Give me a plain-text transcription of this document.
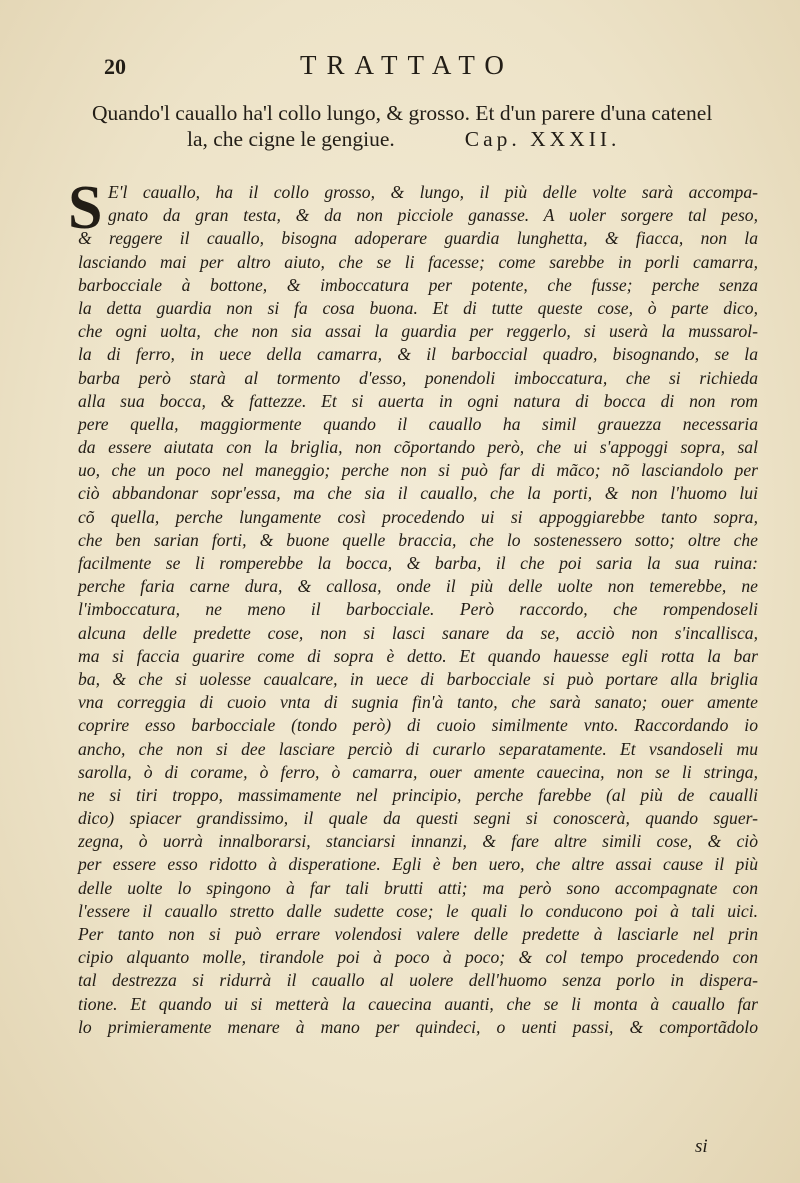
20	TRATTATO
Quando'l cauallo ha'l collo lungo, & grosso. Et d'un parere d'una catenel
la, che cigne le gengiue.	Cap. XXXII.
S E'l cauallo, ha il collo grosso, & lungo, il più delle volte sarà accompa-
gnato da gran testa, & da non picciole ganasse. A uoler sorgere tal peso,
& reggere il cauallo, bisogna adoperare guardia lunghetta, & fiacca, non la
lasciando mai per altro aiuto, che se li facesse; come sarebbe in porli camarra,
barbocciale à bottone, & imboccatura per potente, che fusse; perche senza
la detta guardia non si fa cosa buona. Et di tutte queste cose, ò parte dico,
che ogni uolta, che non sia assai la guardia per reggerlo, si userà la mussarol-
la di ferro, in uece della camarra, & il barboccial quadro, bisognando, se la
barba però starà al tormento d'esso, ponendoli imboccatura, che si richieda
alla sua bocca, & fattezze. Et si auerta in ogni natura di bocca di non rom
pere quella, maggiormente quando il cauallo ha simil grauezza necessaria
da essere aiutata con la briglia, non cõportando però, che ui s'appoggi sopra, sal
uo, che un poco nel maneggio; perche non si può far di mãco; nõ lasciandolo per
ciò abbandonar sopr'essa, ma che sia il cauallo, che la porti, & non l'huomo lui
cõ quella, perche lungamente così procedendo ui si appoggiarebbe tanto sopra,
che ben sarian forti, & buone quelle braccia, che lo sostenessero sotto; oltre che
facilmente se li romperebbe la bocca, & barba, il che poi saria la sua ruina:
perche faria carne dura, & callosa, onde il più delle uolte non temerebbe, ne
l'imboccatura, ne meno il barbocciale. Però raccordo, che rompendoseli
alcuna delle predette cose, non si lasci sanare da se, acciò non s'incallisca,
ma si faccia guarire come di sopra è detto. Et quando hauesse egli rotta la bar
ba, & che si uolesse caualcare, in uece di barbocciale si può portare alla briglia
vna correggia di cuoio vnta di sugnia fin'à tanto, che sarà sanato; ouer amente
coprire esso barbocciale (tondo però) di cuoio similmente vnto. Raccordando io
ancho, che non si dee lasciare perciò di curarlo separatamente. Et vsandoseli mu
sarolla, ò di corame, ò ferro, ò camarra, ouer amente cauecina, non se li stringa,
ne si tiri troppo, massimamente nel principio, perche farebbe (al più de caualli
dico) spiacer grandissimo, il quale da questi segni si conoscerà, quando sguer-
zegna, ò uorrà innalborarsi, stanciarsi innanzi, & fare altre simili cose, & ciò
per essere esso ridotto à disperatione. Egli è ben uero, che altre assai cause il più
delle uolte lo spingono à far tali brutti atti; ma però sono accompagnate con
l'essere il cauallo stretto dalle sudette cose; le quali lo conducono poi à tali uici.
Per tanto non si può errare volendosi valere delle predette à lasciarle nel prin
cipio alquanto molle, tirandole poi à poco à poco; & col tempo procedendo con
tal destrezza si ridurrà il cauallo al uolere dell'huomo senza porlo in dispera-
tione. Et quando ui si metterà la cauecina auanti, che se li monta à cauallo far
lo primieramente menare à mano per quindeci, o uenti passi, & comportãdolo
si
